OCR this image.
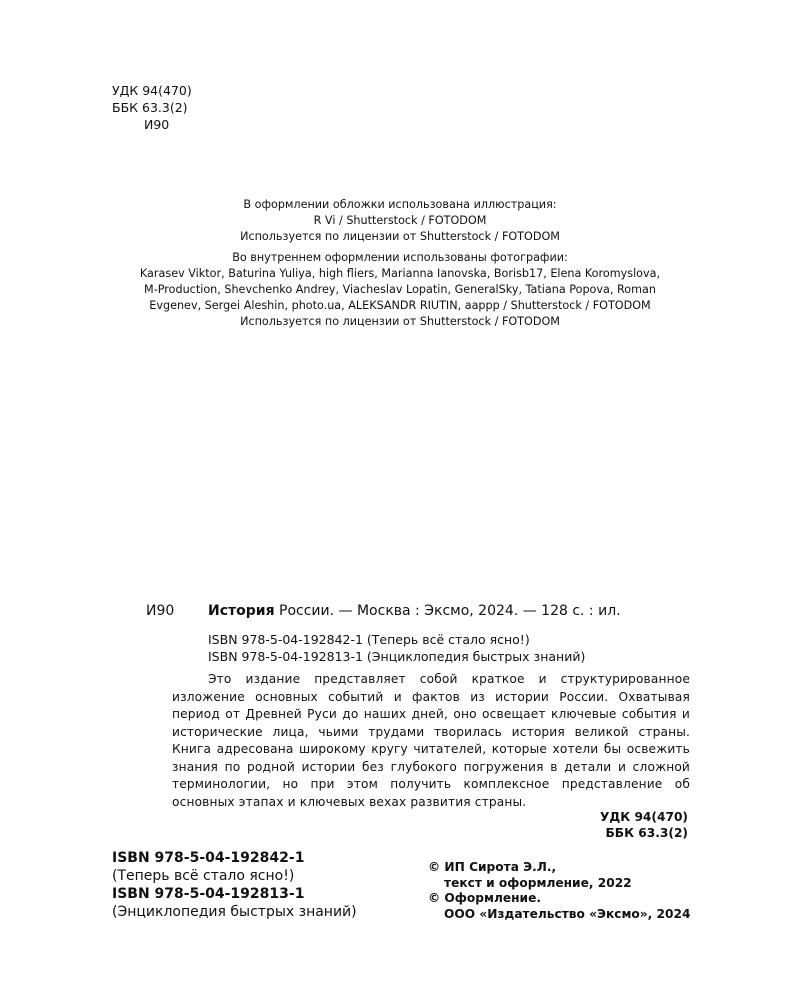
УДК 94(470)
ББК 63.3(2)
И90
В оформлении обложки использована иллюстрация:
R Vi / Shutterstock / FOTODOM
Используется по лицензии от Shutterstock / FOTODOM
Во внутреннем оформлении использованы фотографии:
Karasev Viktor, Baturina Yuliya, high fliers, Marianna Ianovska, Borisb17, Elena Koromyslova,
M-Production, Shevchenko Andrey, Viacheslav Lopatin, GeneralSky, Tatiana Popova, Roman
Evgenev, Sergei Aleshin, photo.ua, ALEKSANDR RIUTIN, aappp / Shutterstock / FOTODOM
Используется по лицензии от Shutterstock / FOTODOM
И90 История России. — Москва : Эксмо, 2024. — 128 с. : ил.
ISBN 978-5-04-192842-1 (Теперь всё стало ясно!)
ISBN 978-5-04-192813-1 (Энциклопедия быстрых знаний)

Это издание представляет собой краткое и структурированное изложение основных событий и фактов из истории России. Охватывая период от Древней Руси до наших дней, оно освещает ключевые события и исторические лица, чьими трудами творилась история великой страны. Книга адресована широкому кругу читателей, которые хотели бы освежить знания по родной истории без глубокого погружения в детали и сложной терминологии, но при этом получить комплексное представление об основных этапах и ключевых вехах развития страны.

УДК 94(470)
ББК 63.3(2)
ISBN 978-5-04-192842-1
(Теперь всё стало ясно!)
ISBN 978-5-04-192813-1
(Энциклопедия быстрых знаний)
© ИП Сирота Э.Л.,
текст и оформление, 2022
© Оформление.
ООО «Издательство «Эксмо», 2024
